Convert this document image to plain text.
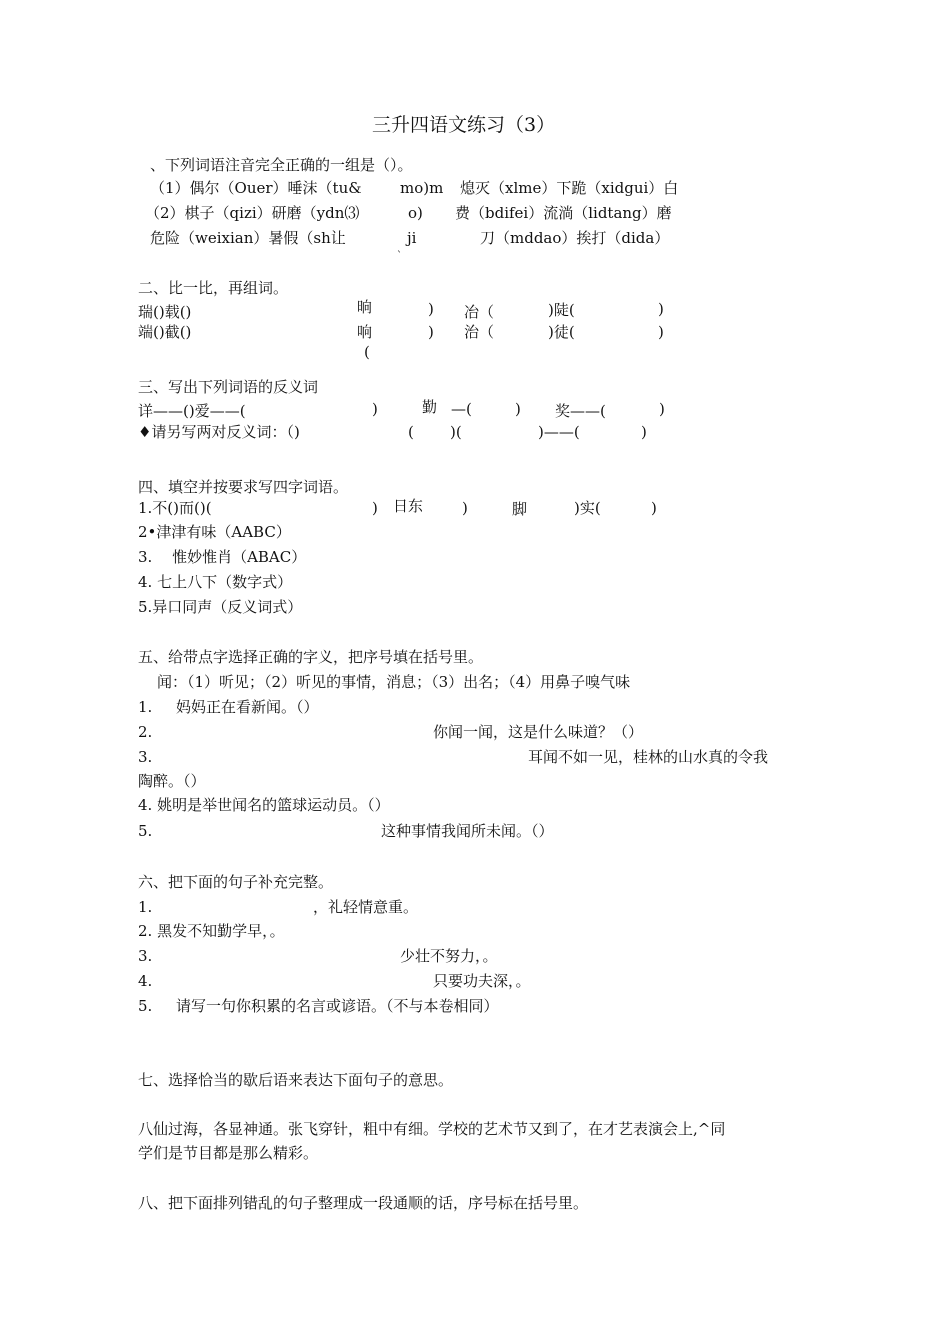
三升四语文练习（3）
、下列词语注音完全正确的一组是（）。
（1）偶尔（Ouer）唾沫（tu&	mo)m 熄灭（xlme）下跪（xidgui）白
（2）棋子（qizi）研磨（ydn⑶	o) 费（bdifei）流淌（lidtang）磨
危险（weixian）暑假（sh让	ji	刀（mddao）挨打（dida）
`
二、比一比，再组词。
瑞()载()	晌	) 冶（	)陡(	)
端()截()	响	) 治（	)徒(	)
(
三、写出下列词语的反义词
详——()爱——(	)	勤 —(	) 奖——(	)
♦请另写两对反义词：（)	( )(	)——(	)
四、填空并按要求写四字词语。
1.不()而()(	) 日东	)	脚	)实(	)
2•津津有味（AABC）
3.　 惟妙惟肖（ABAC）
4. 七上八下（数字式）
5.异口同声（反义词式）
五、给带点字选择正确的字义，把序号填在括号里。
闻：（1）听见；（2）听见的事情，消息；（3）出名；（4）用鼻子嗅气味
1. 妈妈正在看新闻。（）
2.	你闻一闻，这是什么味道？（）
3.	耳闻不如一见，桂林的山水真的令我
陶醉。（）
4. 姚明是举世闻名的篮球运动员。（）
5.	这种事情我闻所未闻。（）
六、把下面的句子补充完整。
1.	，礼轻情意重。
2. 黑发不知勤学早，。
3.	少壮不努力，。
4.	只要功夫深，。
5. 请写一句你积累的名言或谚语。（不与本卷相同）
七、选择恰当的歇后语来表达下面句子的意思。
八仙过海，各显神通。张飞穿针，粗中有细。学校的艺术节又到了，在才艺表演会上,^同
学们是节目都是那么精彩。
八、把下面排列错乱的句子整理成一段通顺的话，序号标在括号里。
